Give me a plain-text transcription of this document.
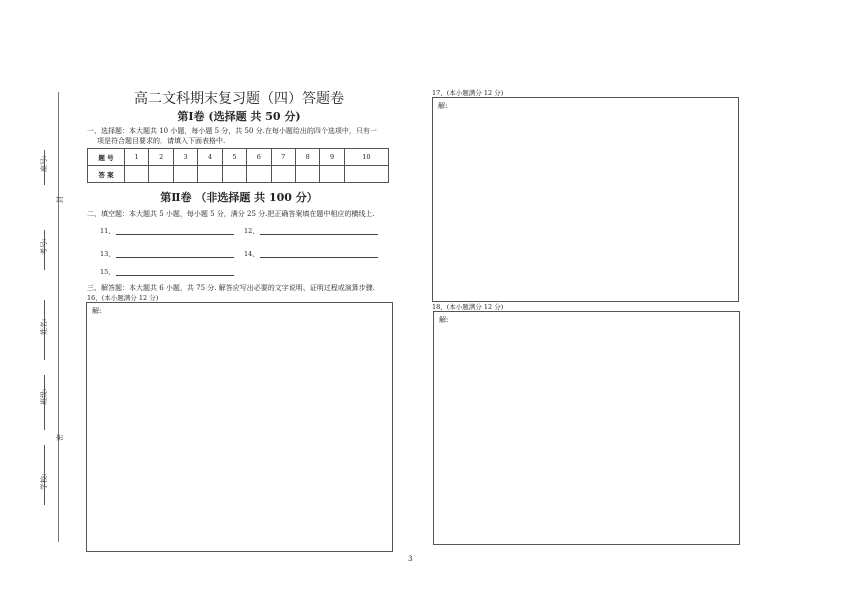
座号:
考号:
姓名:
班级:
学校:
密
封
高二文科期末复习题（四）答题卷
第Ⅰ卷 (选择题 共 50 分)
一、选择题：本大题共 10 小题，每小题 5 分，共 50 分.在每小题给出的四个选项中，只有一
项是符合题目要求的．请填入下面表格中.
题 号	1	2	3	4	5	6	7	8	9	10
答 案										
第Ⅱ卷 （非选择题 共 100 分）
二、填空题：本大题共 5 小题，每小题 5 分，满分 25 分.把正确答案填在题中相应的横线上.
11、	12、
13、	14、
15、
三、解答题：本大题共 6 小题，共 75 分. 解答应写出必要的文字说明、证明过程或演算步骤.
16、(本小题满分 12 分)
解:
17、(本小题满分 12 分)
解:
18、(本小题满分 12 分)
解:
3
